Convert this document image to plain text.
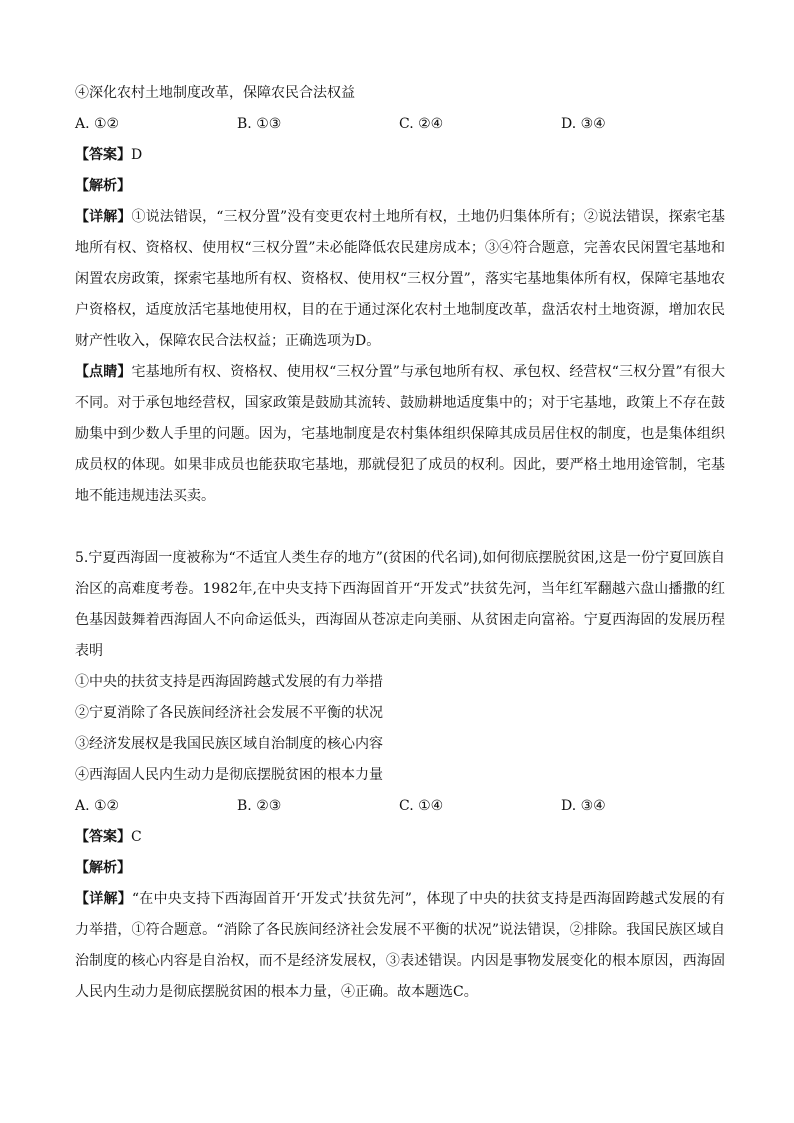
④深化农村土地制度改革，保障农民合法权益
A. ①②	B. ①③	C. ②④	D. ③④
【答案】D
【解析】
【详解】①说法错误，“三权分置”没有变更农村土地所有权，土地仍归集体所有；②说法错误，探索宅基地所有权、资格权、使用权“三权分置”未必能降低农民建房成本；③④符合题意，完善农民闲置宅基地和闲置农房政策，探索宅基地所有权、资格权、使用权“三权分置”，落实宅基地集体所有权，保障宅基地农户资格权，适度放活宅基地使用权，目的在于通过深化农村土地制度改革，盘活农村土地资源，增加农民财产性收入，保障农民合法权益；正确选项为D。
【点睛】宅基地所有权、资格权、使用权“三权分置”与承包地所有权、承包权、经营权“三权分置”有很大不同。对于承包地经营权，国家政策是鼓励其流转、鼓励耕地适度集中的；对于宅基地，政策上不存在鼓励集中到少数人手里的问题。因为，宅基地制度是农村集体组织保障其成员居住权的制度，也是集体组织成员权的体现。如果非成员也能获取宅基地，那就侵犯了成员的权利。因此，要严格土地用途管制，宅基地不能违规违法买卖。
5.宁夏西海固一度被称为“不适宜人类生存的地方”(贫困的代名词),如何彻底摆脱贫困,这是一份宁夏回族自治区的高难度考卷。1982年,在中央支持下西海固首开“开发式”扶贫先河，当年红军翻越六盘山播撒的红色基因鼓舞着西海固人不向命运低头，西海固从苍凉走向美丽、从贫困走向富裕。宁夏西海固的发展历程表明
①中央的扶贫支持是西海固跨越式发展的有力举措
②宁夏消除了各民族间经济社会发展不平衡的状况
③经济发展权是我国民族区域自治制度的核心内容
④西海固人民内生动力是彻底摆脱贫困的根本力量
A. ①②	B. ②③	C. ①④	D. ③④
【答案】C
【解析】
【详解】“在中央支持下西海固首开‘开发式’扶贫先河”，体现了中央的扶贫支持是西海固跨越式发展的有力举措，①符合题意。“消除了各民族间经济社会发展不平衡的状况”说法错误，②排除。我国民族区域自治制度的核心内容是自治权，而不是经济发展权，③表述错误。内因是事物发展变化的根本原因，西海固人民内生动力是彻底摆脱贫困的根本力量，④正确。故本题选C。
